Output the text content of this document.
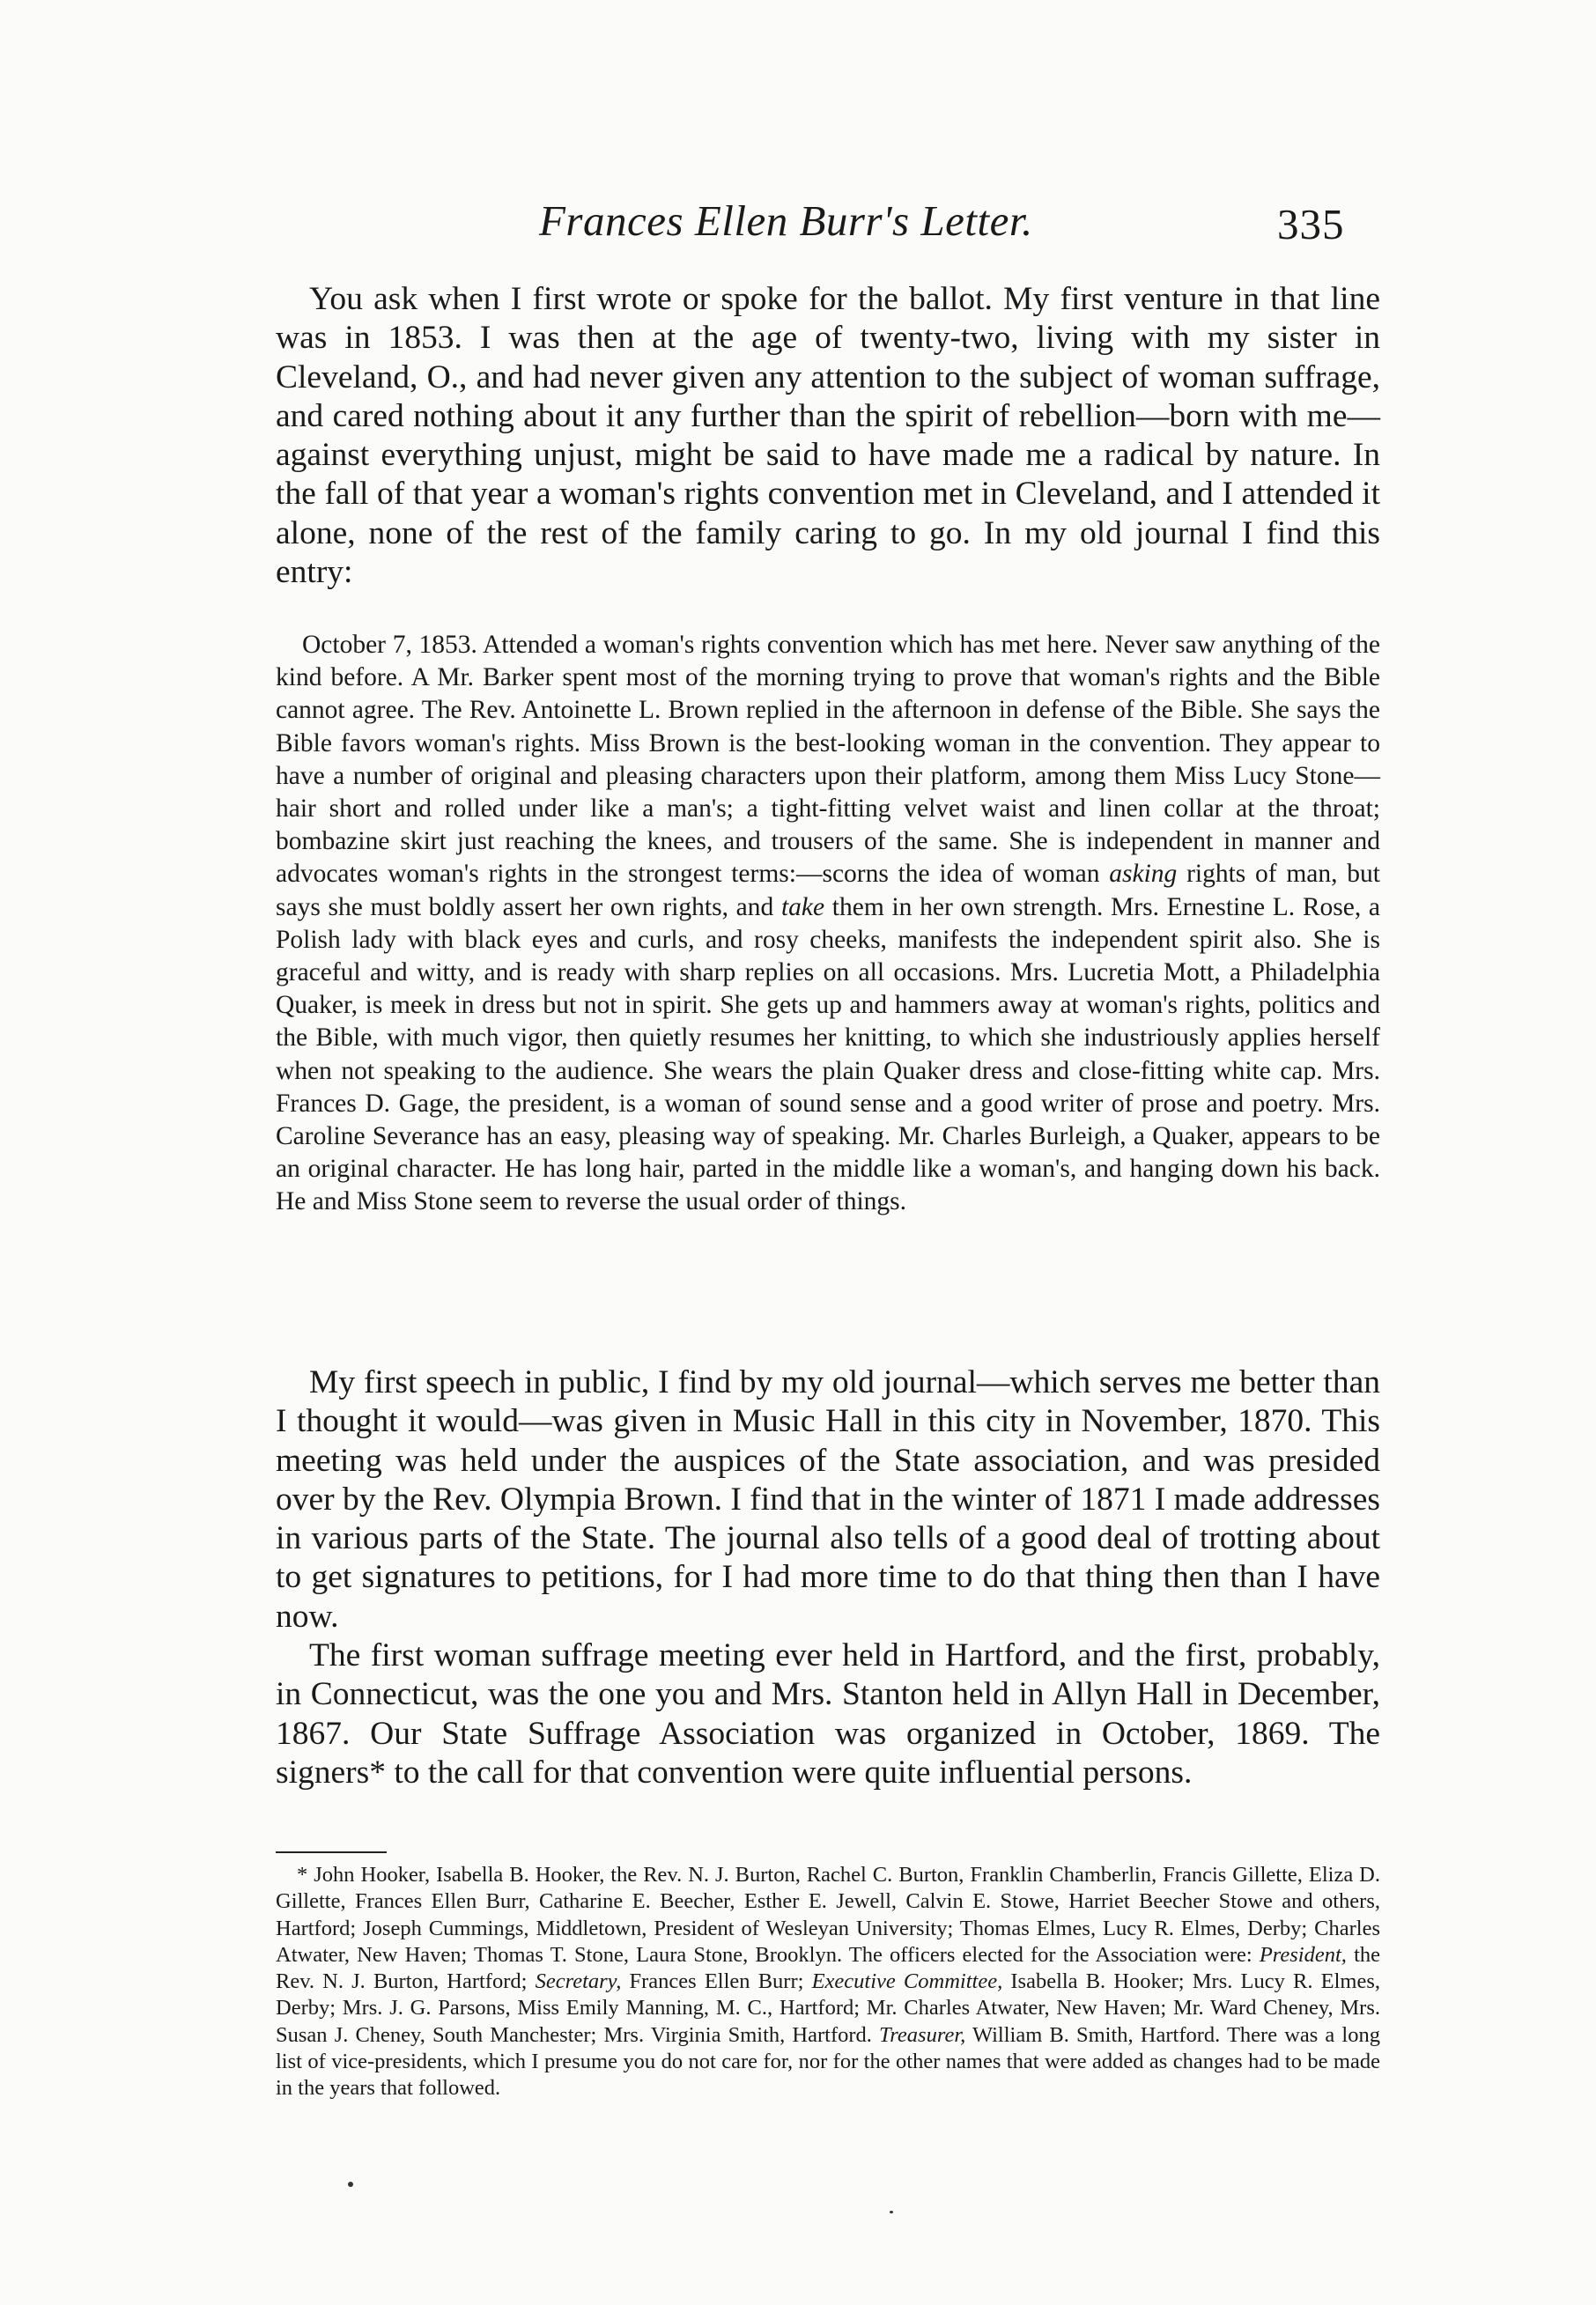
Frances Ellen Burr's Letter.	335

You ask when I first wrote or spoke for the ballot. My first venture in that line was in 1853. I was then at the age of twenty-two, living with my sister in Cleveland, O., and had never given any attention to the subject of woman suffrage, and cared nothing about it any further than the spirit of rebellion—born with me—against everything unjust, might be said to have made me a radical by nature. In the fall of that year a woman's rights convention met in Cleveland, and I attended it alone, none of the rest of the family caring to go. In my old journal I find this entry:

October 7, 1853. Attended a woman's rights convention which has met here. Never saw anything of the kind before. A Mr. Barker spent most of the morning trying to prove that woman's rights and the Bible cannot agree. The Rev. Antoinette L. Brown replied in the afternoon in defense of the Bible. She says the Bible favors woman's rights. Miss Brown is the best-looking woman in the convention. They appear to have a number of original and pleasing characters upon their platform, among them Miss Lucy Stone—hair short and rolled under like a man's; a tight-fitting velvet waist and linen collar at the throat; bombazine skirt just reaching the knees, and trousers of the same. She is independent in manner and advocates woman's rights in the strongest terms:—scorns the idea of woman asking rights of man, but says she must boldly assert her own rights, and take them in her own strength. Mrs. Ernestine L. Rose, a Polish lady with black eyes and curls, and rosy cheeks, manifests the independent spirit also. She is graceful and witty, and is ready with sharp replies on all occasions. Mrs. Lucretia Mott, a Philadelphia Quaker, is meek in dress but not in spirit. She gets up and hammers away at woman's rights, politics and the Bible, with much vigor, then quietly resumes her knitting, to which she industriously applies herself when not speaking to the audience. She wears the plain Quaker dress and close-fitting white cap. Mrs. Frances D. Gage, the president, is a woman of sound sense and a good writer of prose and poetry. Mrs. Caroline Severance has an easy, pleasing way of speaking. Mr. Charles Burleigh, a Quaker, appears to be an original character. He has long hair, parted in the middle like a woman's, and hanging down his back. He and Miss Stone seem to reverse the usual order of things.

My first speech in public, I find by my old journal—which serves me better than I thought it would—was given in Music Hall in this city in November, 1870. This meeting was held under the auspices of the State association, and was presided over by the Rev. Olympia Brown. I find that in the winter of 1871 I made addresses in various parts of the State. The journal also tells of a good deal of trotting about to get signatures to petitions, for I had more time to do that thing then than I have now.

The first woman suffrage meeting ever held in Hartford, and the first, probably, in Connecticut, was the one you and Mrs. Stanton held in Allyn Hall in December, 1867. Our State Suffrage Association was organized in October, 1869. The signers* to the call for that convention were quite influential persons.

* John Hooker, Isabella B. Hooker, the Rev. N. J. Burton, Rachel C. Burton, Franklin Chamberlin, Francis Gillette, Eliza D. Gillette, Frances Ellen Burr, Catharine E. Beecher, Esther E. Jewell, Calvin E. Stowe, Harriet Beecher Stowe and others, Hartford; Joseph Cummings, Middletown, President of Wesleyan University; Thomas Elmes, Lucy R. Elmes, Derby; Charles Atwater, New Haven; Thomas T. Stone, Laura Stone, Brooklyn. The officers elected for the Association were: President, the Rev. N. J. Burton, Hartford; Secretary, Frances Ellen Burr; Executive Committee, Isabella B. Hooker; Mrs. Lucy R. Elmes, Derby; Mrs. J. G. Parsons, Miss Emily Manning, M. C., Hartford; Mr. Charles Atwater, New Haven; Mr. Ward Cheney, Mrs. Susan J. Cheney, South Manchester; Mrs. Virginia Smith, Hartford. Treasurer, William B. Smith, Hartford. There was a long list of vice-presidents, which I presume you do not care for, nor for the other names that were added as changes had to be made in the years that followed.
